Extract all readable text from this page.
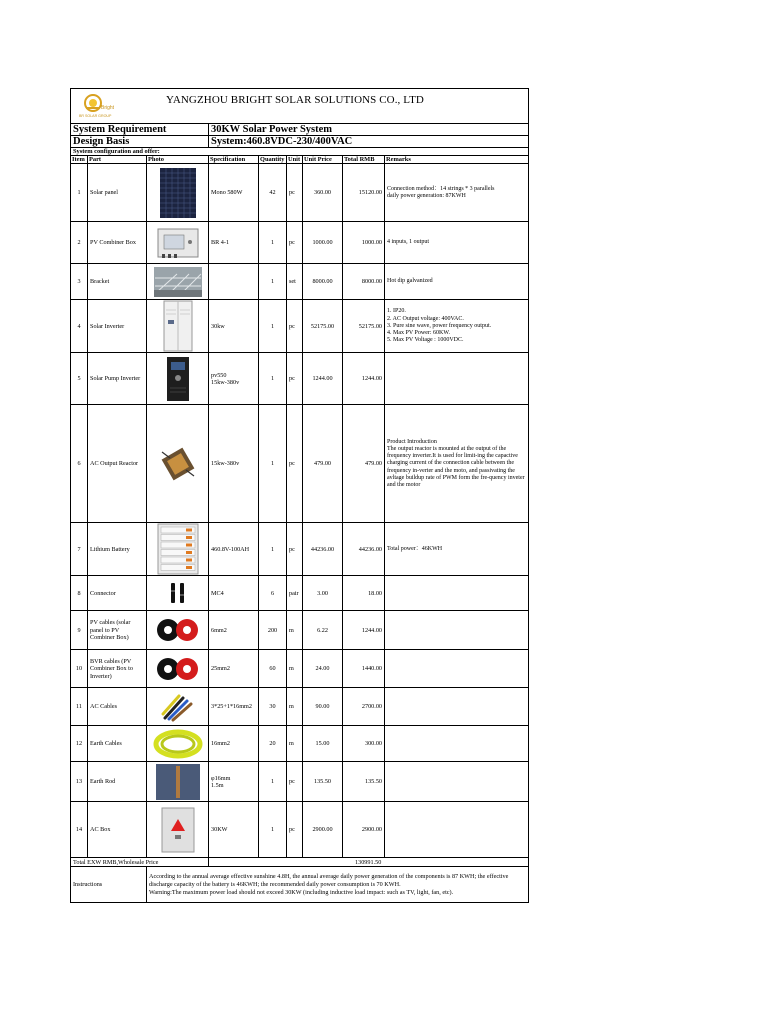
Bright
BR SOLAR GROUP
YANGZHOU BRIGHT SOLAR SOLUTIONS CO., LTD								

System Requirement			30KW Solar Power System					
Design Basis			System:460.8VDC-230/400VAC					
System configuration and offer:								
Item	Part	Photo	Specification	Quantity	Unit	Unit Price	Total RMB	Remarks
1	Solar panel		Mono 580W	42	pc	360.00	15120.00	Connection method：14 strings * 3 parallels
daily power generation: 87KWH

2	PV Combiner Box		BR 4-1	1	pc	1000.00	1000.00	4 inputs, 1 output

3	Bracket			1	set	8000.00	8000.00	Hot dip galvanized

4	Solar Inverter		30kw	1	pc	52175.00	52175.00	1. IP20.
2. AC Output voltage: 400VAC.
3. Pure sine wave, power frequency output.
4. Max PV Power: 60KW.
5. Max PV Voltage : 1000VDC.

5	Solar Pump Inverter		pv550
15kw-380v	1	pc	1244.00	1244.00	
6	AC Output Reactor		15kw-380v	1	pc	479.00	479.00	Product Introduction
The output reactor is mounted at the output of the frequency inverter.It is used for limit-ing the capactive
charging current of the connection cable between the
frequency in-verter and the moto, and passivating the
avltage buildup rate of PWM form the fre-quency inveter and the motor

7	Lithium Battery		460.8V-100AH	1	pc	44236.00	44236.00	Total power：46KWH

8	Connector		MC4	6	pair	3.00	18.00	
9	PV cables (solar panel to PV Combiner Box)		6mm2	200	m	6.22	1244.00	
10	BVR cables (PV Combiner Box to Inverter)		25mm2	60	m	24.00	1440.00	
11	AC Cables		3*25+1*16mm2	30	m	90.00	2700.00	
12	Earth Cables		16mm2	20	m	15.00	300.00	
13	Earth Rod		φ16mm
1.5m	1	pc	135.50	135.50	
14	AC Box		30KW	1	pc	2900.00	2900.00	
Total EXW RMB,Wholesale Price			130991.50					
Instructions		According to the annual average effective sunshine 4.8H, the annual average daily power generation of the components is 87 KWH; the effective discharge capacity of the battery is 46KWH; the recommended daily power consumption is 70 KWH.
Warning:The maximum power load should not exceed 30KW (including inductive load impact: such as TV, light, fan, etc).						
